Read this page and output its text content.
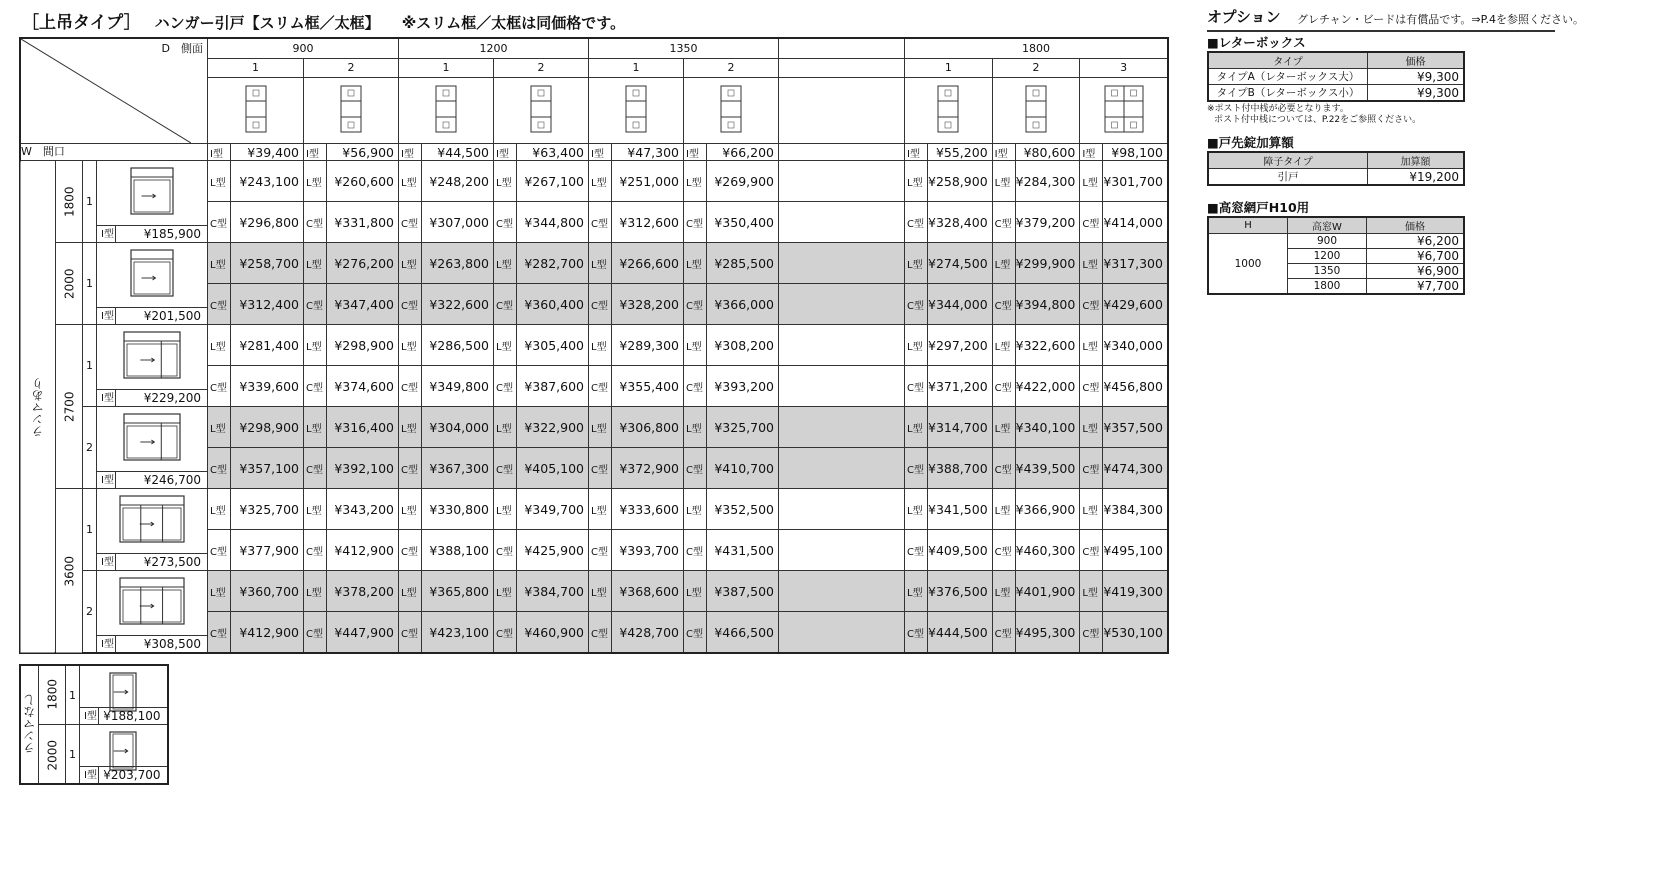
［上吊タイプ］ ハンガー引戸【スリム框／太框】 ※スリム框／太框は同価格です。
D　側面
W　間口				900				1200				1350					1800					
				1		2		1		2		1		2			1		2		3	

				I型	¥39,400	I型	¥56,900	I型	¥44,500	I型	¥63,400	I型	¥47,300	I型	¥66,200		I型	¥55,200	I型	¥80,600	I型	¥98,100
ランマあり	1800	1	I型 ¥185,900	L型	¥243,100	L型	¥260,600	L型	¥248,200	L型	¥267,100	L型	¥251,000	L型	¥269,900		L型	¥258,900	L型	¥284,300	L型	¥301,700
				C型	¥296,800	C型	¥331,800	C型	¥307,000	C型	¥344,800	C型	¥312,600	C型	¥350,400		C型	¥328,400	C型	¥379,200	C型	¥414,000
	2000	1	I型 ¥201,500	L型	¥258,700	L型	¥276,200	L型	¥263,800	L型	¥282,700	L型	¥266,600	L型	¥285,500		L型	¥274,500	L型	¥299,900	L型	¥317,300
				C型	¥312,400	C型	¥347,400	C型	¥322,600	C型	¥360,400	C型	¥328,200	C型	¥366,000		C型	¥344,000	C型	¥394,800	C型	¥429,600
	2700	1	I型 ¥229,200	L型	¥281,400	L型	¥298,900	L型	¥286,500	L型	¥305,400	L型	¥289,300	L型	¥308,200		L型	¥297,200	L型	¥322,600	L型	¥340,000
				C型	¥339,600	C型	¥374,600	C型	¥349,800	C型	¥387,600	C型	¥355,400	C型	¥393,200		C型	¥371,200	C型	¥422,000	C型	¥456,800
		2	I型 ¥246,700	L型	¥298,900	L型	¥316,400	L型	¥304,000	L型	¥322,900	L型	¥306,800	L型	¥325,700		L型	¥314,700	L型	¥340,100	L型	¥357,500
				C型	¥357,100	C型	¥392,100	C型	¥367,300	C型	¥405,100	C型	¥372,900	C型	¥410,700		C型	¥388,700	C型	¥439,500	C型	¥474,300
	3600	1	I型 ¥273,500	L型	¥325,700	L型	¥343,200	L型	¥330,800	L型	¥349,700	L型	¥333,600	L型	¥352,500		L型	¥341,500	L型	¥366,900	L型	¥384,300
				C型	¥377,900	C型	¥412,900	C型	¥388,100	C型	¥425,900	C型	¥393,700	C型	¥431,500		C型	¥409,500	C型	¥460,300	C型	¥495,100
		2	I型 ¥308,500	L型	¥360,700	L型	¥378,200	L型	¥365,800	L型	¥384,700	L型	¥368,600	L型	¥387,500		L型	¥376,500	L型	¥401,900	L型	¥419,300
				C型	¥412,900	C型	¥447,900	C型	¥423,100	C型	¥460,900	C型	¥428,700	C型	¥466,500		C型	¥444,500	C型	¥495,300	C型	¥530,100
ランマなし	1800	1	I型 ¥188,100

	2000	1	I型 ¥203,700
オプション	グレチャン・ビードは有償品です。⇒P.4を参照ください。

■レターボックス

タイプ	価格
タイプA（レターボックス大）	¥9,300
タイプB（レターボックス小）	¥9,300
※ポスト付中桟が必要となります。
ポスト付中桟については、P.22をご参照ください。

■戸先錠加算額

障子タイプ	加算額
引戸	¥19,200

■高窓網戸H10用

H	高窓W	価格
1000	900	¥6,200
	1200	¥6,700
	1350	¥6,900
	1800	¥7,700
